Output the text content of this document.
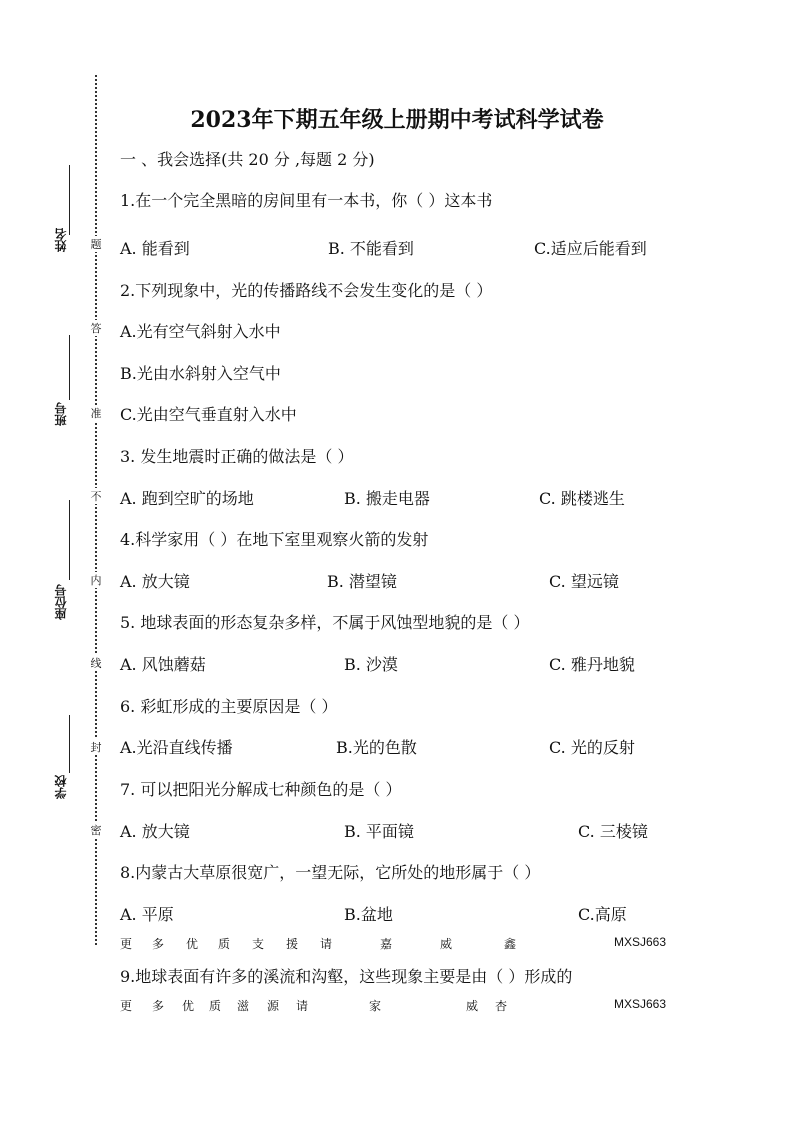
题
答
准
不
内
线
封
密
姓名
班号
座位号
学校
2023年下期五年级上册期中考试科学试卷
一 、我会选择(共 20 分 ,每题 2 分)
1.在一个完全黑暗的房间里有一本书，你（ ）这本书
A. 能看到	B. 不能看到	C.适应后能看到
2.下列现象中，光的传播路线不会发生变化的是（ ）
A.光有空气斜射入水中
B.光由水斜射入空气中
C.光由空气垂直射入水中
3. 发生地震时正确的做法是（ ）
A. 跑到空旷的场地	B. 搬走电器	C. 跳楼逃生
4.科学家用（ ）在地下室里观察火箭的发射
A. 放大镜	B. 潜望镜	C. 望远镜
5. 地球表面的形态复杂多样，不属于风蚀型地貌的是（ ）
A. 风蚀蘑菇	B. 沙漠	C. 雅丹地貌
6. 彩虹形成的主要原因是（ ）
A.光沿直线传播	B.光的色散	C. 光的反射
7. 可以把阳光分解成七种颜色的是（ ）
A. 放大镜	B. 平面镜	C. 三棱镜
8.内蒙古大草原很宽广，一望无际，它所处的地形属于（ ）
A. 平原	B.盆地	C.高原
更 多 优 质 支 援 请	嘉	威	鑫	MXSJ663
9.地球表面有许多的溪流和沟壑，这些现象主要是由（ ）形成的
更 多 优 质 滋 源 请	家	威 杏	MXSJ663
